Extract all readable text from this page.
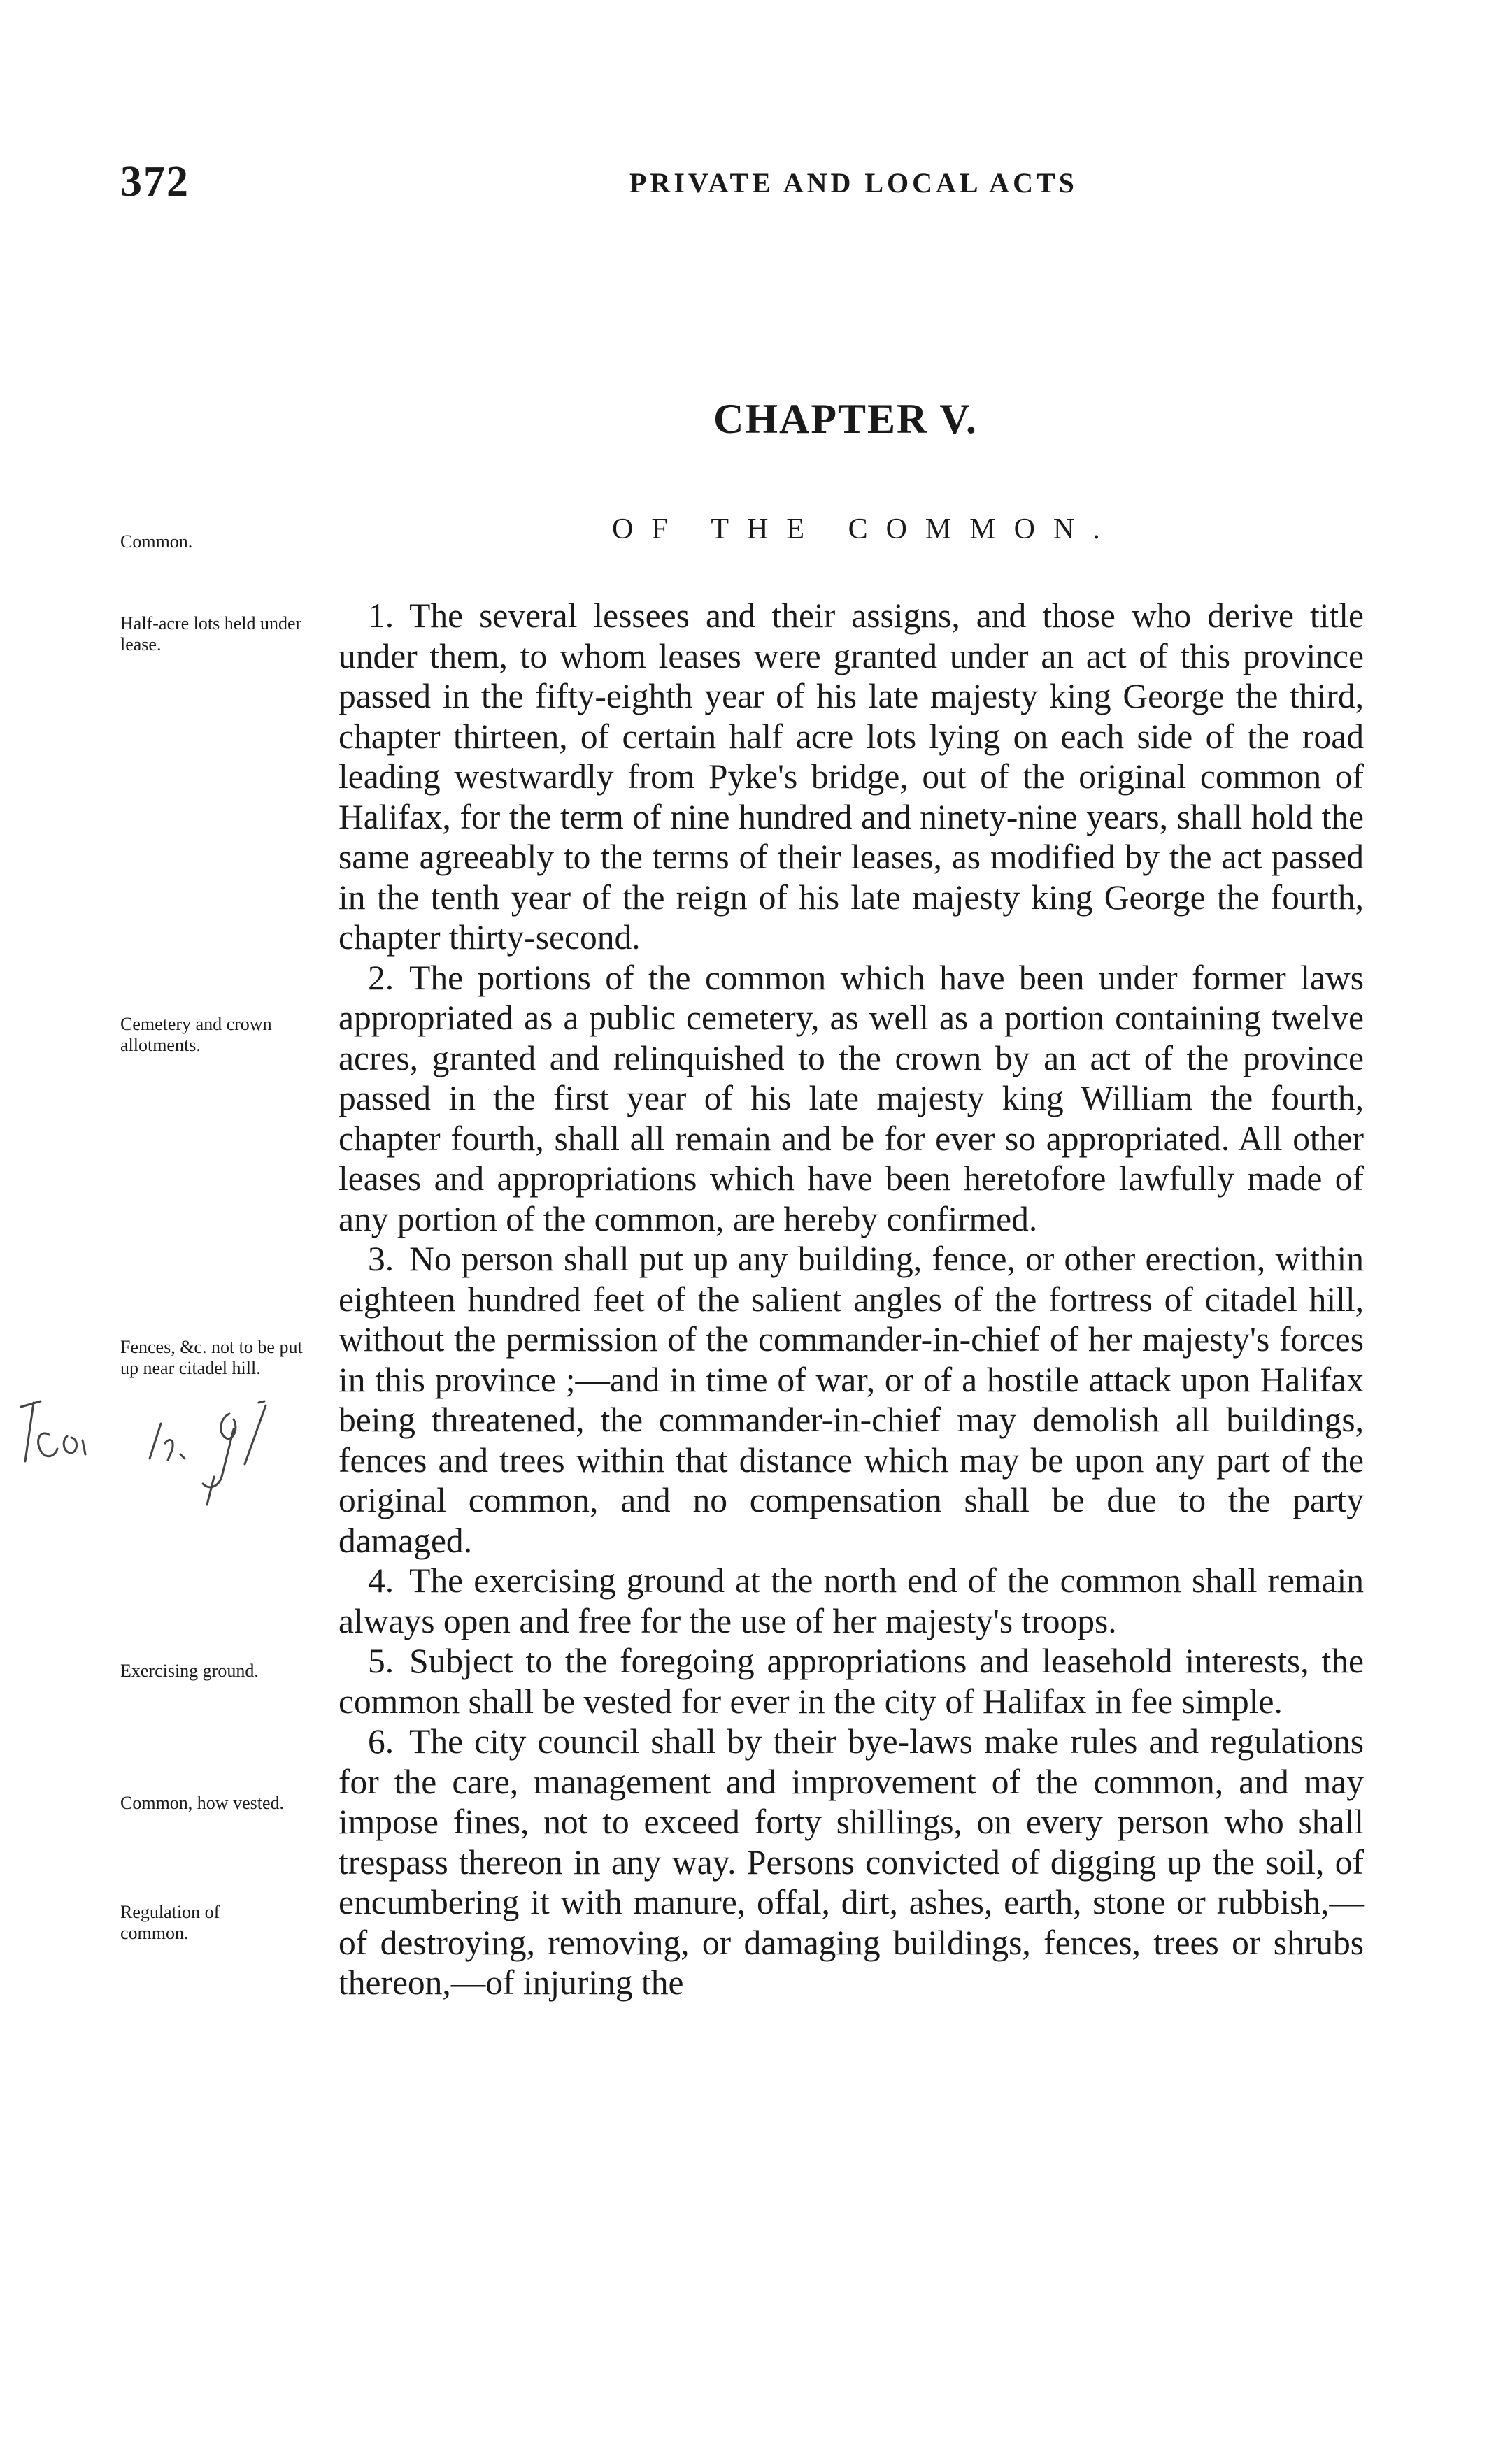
372	PRIVATE AND LOCAL ACTS
CHAPTER V.
OF THE COMMON.
Common.
Half-acre lots held under lease.
Cemetery and crown allotments.
Fences, &c. not to be put up near citadel hill.
Exercising ground.
Common, how vested.
Regulation of common.

1. The several lessees and their assigns, and those who derive title under them, to whom leases were granted under an act of this province passed in the fifty-eighth year of his late majesty king George the third, chapter thirteen, of certain half acre lots lying on each side of the road leading westwardly from Pyke's bridge, out of the original common of Halifax, for the term of nine hundred and ninety-nine years, shall hold the same agreeably to the terms of their leases, as modified by the act passed in the tenth year of the reign of his late majesty king George the fourth, chapter thirty-second.

2. The portions of the common which have been under former laws appropriated as a public cemetery, as well as a portion containing twelve acres, granted and relinquished to the crown by an act of the province passed in the first year of his late majesty king William the fourth, chapter fourth, shall all remain and be for ever so appropriated. All other leases and appropriations which have been heretofore lawfully made of any portion of the common, are hereby confirmed.

3. No person shall put up any building, fence, or other erection, within eighteen hundred feet of the salient angles of the fortress of citadel hill, without the permission of the commander-in-chief of her majesty's forces in this province ;—and in time of war, or of a hostile attack upon Halifax being threatened, the commander-in-chief may demolish all buildings, fences and trees within that distance which may be upon any part of the original common, and no compensation shall be due to the party damaged.

4. The exercising ground at the north end of the common shall remain always open and free for the use of her majesty's troops.

5. Subject to the foregoing appropriations and leasehold interests, the common shall be vested for ever in the city of Halifax in fee simple.

6. The city council shall by their bye-laws make rules and regulations for the care, management and improvement of the common, and may impose fines, not to exceed forty shillings, on every person who shall trespass thereon in any way. Persons convicted of digging up the soil, of encumbering it with manure, offal, dirt, ashes, earth, stone or rubbish,—of destroying, removing, or damaging buildings, fences, trees or shrubs thereon,—of injuring the
